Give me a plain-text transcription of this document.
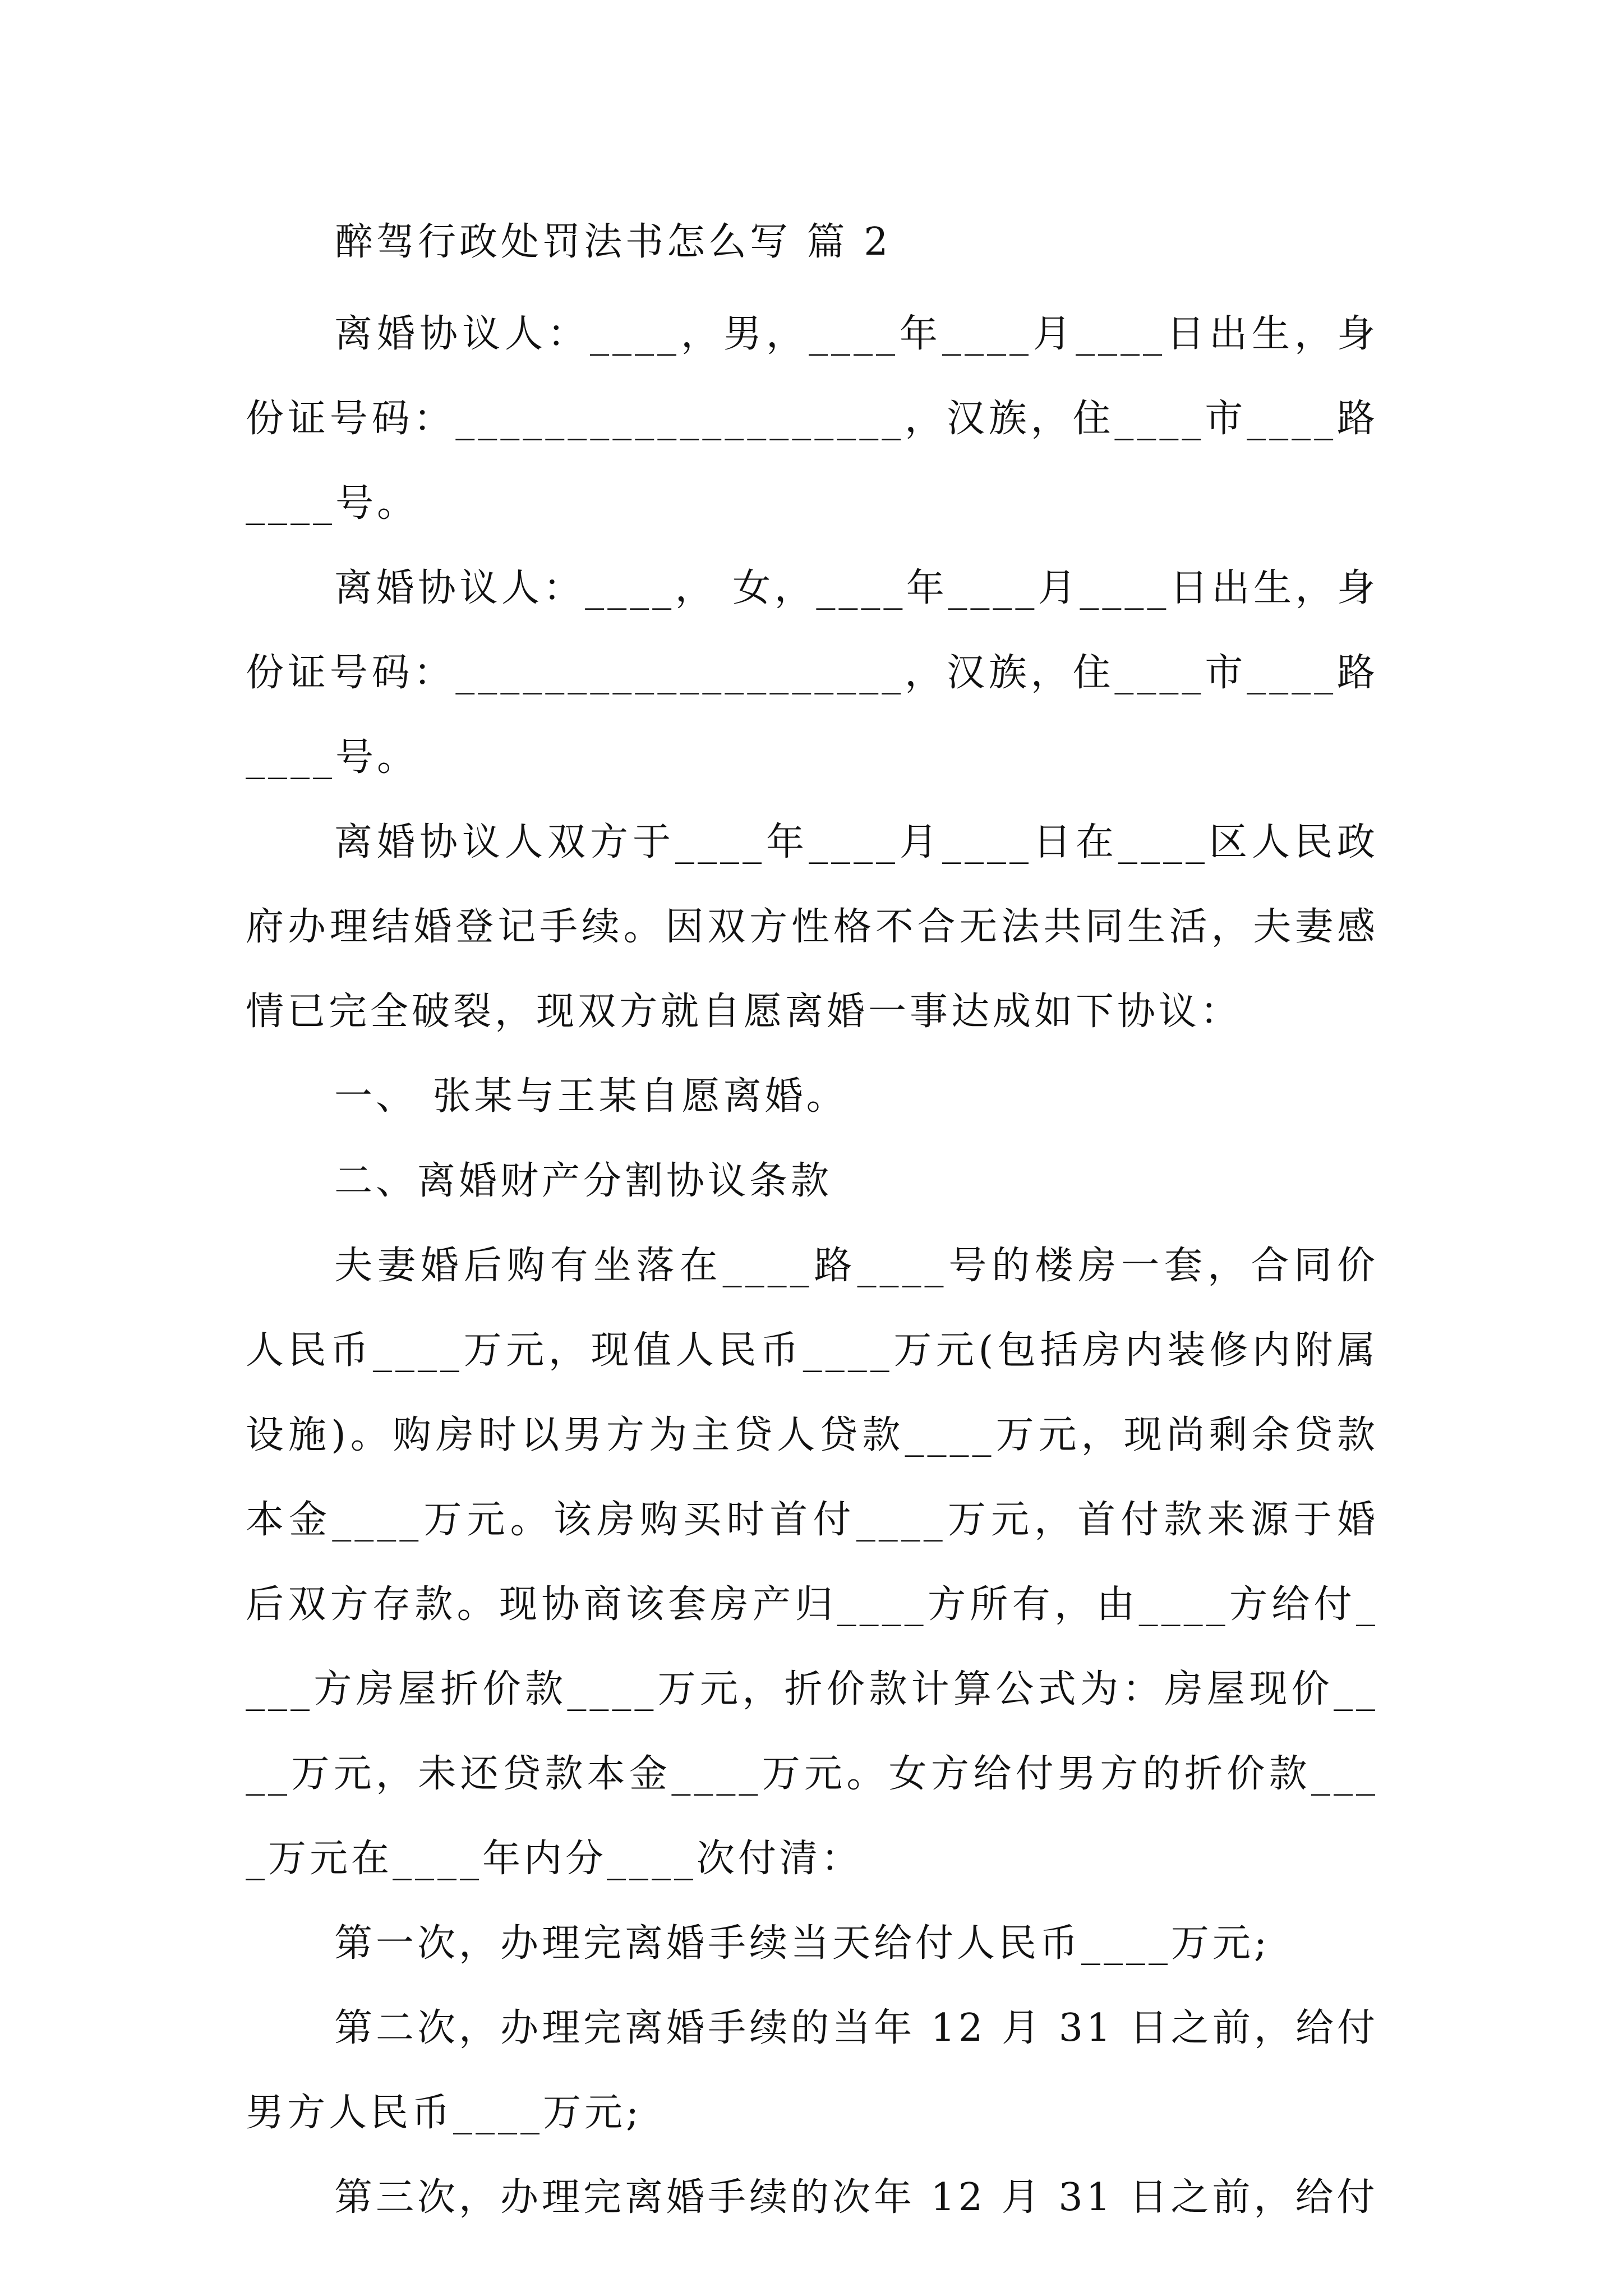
醉驾行政处罚法书怎么写 篇 2

离婚协议人：____，男，____年____月____日出生，身份证号码：____________________，汉族，住____市____路____号。

离婚协议人：____， 女，____年____月____日出生，身份证号码：____________________，汉族，住____市____路____号。

离婚协议人双方于____年____月____日在____区人民政府办理结婚登记手续。因双方性格不合无法共同生活，夫妻感情已完全破裂，现双方就自愿离婚一事达成如下协议：

一、 张某与王某自愿离婚。

二、离婚财产分割协议条款

夫妻婚后购有坐落在____路____号的楼房一套，合同价人民币____万元，现值人民币____万元(包括房内装修内附属设施)。购房时以男方为主贷人贷款____万元，现尚剩余贷款本金____万元。该房购买时首付____万元，首付款来源于婚后双方存款。现协商该套房产归____方所有，由____方给付____方房屋折价款____万元，折价款计算公式为：房屋现价____万元，未还贷款本金____万元。女方给付男方的折价款____万元在____年内分____次付清：

第一次，办理完离婚手续当天给付人民币____万元;

第二次，办理完离婚手续的当年 12 月 31 日之前，给付男方人民币____万元;

第三次，办理完离婚手续的次年 12 月 31 日之前，给付
